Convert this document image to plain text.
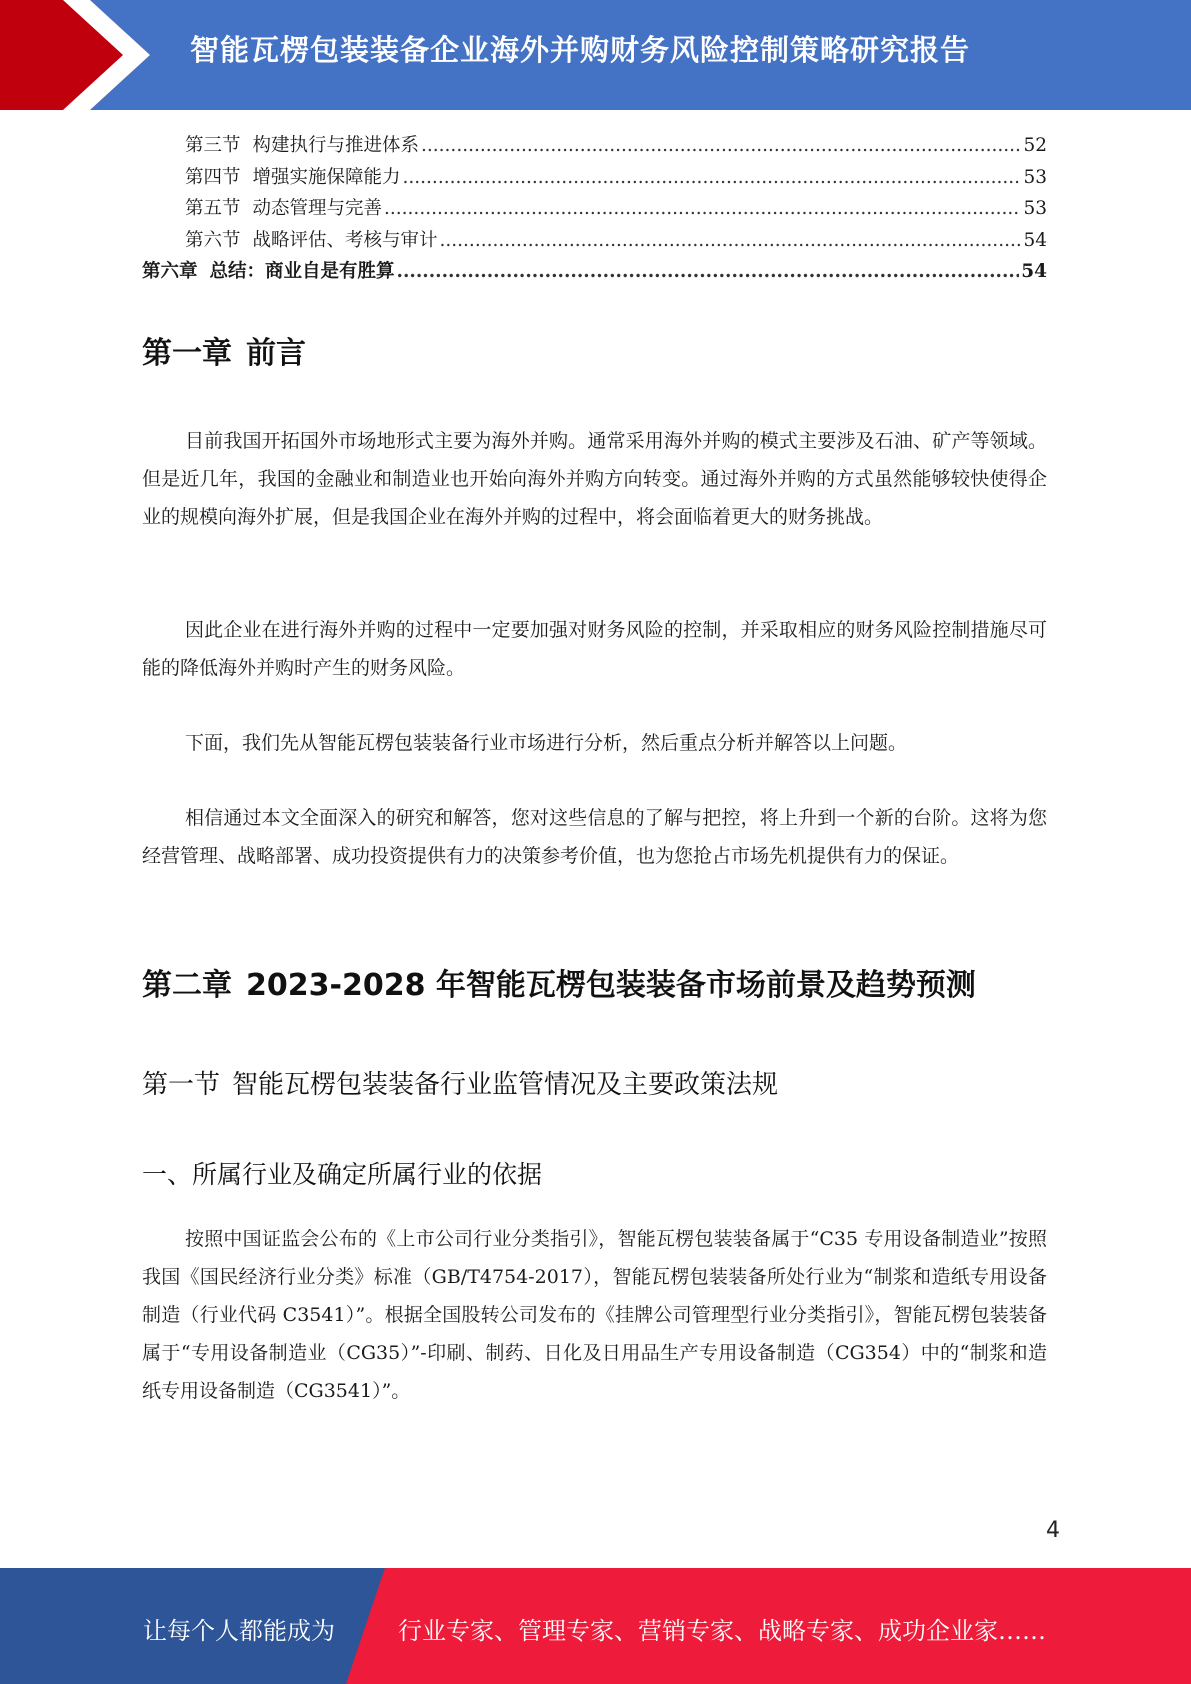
智能瓦楞包装装备企业海外并购财务风险控制策略研究报告
第三节 构建执行与推进体系 .....	52
第四节 增强实施保障能力 .....	53
第五节 动态管理与完善 .....	53
第六节 战略评估、考核与审计 .....	54
第六章 总结：商业自是有胜算 .....	54
第一章 前言

目前我国开拓国外市场地形式主要为海外并购。通常采用海外并购的模式主要涉及石油、矿产等领域。但是近几年，我国的金融业和制造业也开始向海外并购方向转变。通过海外并购的方式虽然能够较快使得企业的规模向海外扩展，但是我国企业在海外并购的过程中，将会面临着更大的财务挑战。

因此企业在进行海外并购的过程中一定要加强对财务风险的控制，并采取相应的财务风险控制措施尽可能的降低海外并购时产生的财务风险。

下面，我们先从智能瓦楞包装装备行业市场进行分析，然后重点分析并解答以上问题。

相信通过本文全面深入的研究和解答，您对这些信息的了解与把控，将上升到一个新的台阶。这将为您经营管理、战略部署、成功投资提供有力的决策参考价值，也为您抢占市场先机提供有力的保证。

第二章 2023-2028 年智能瓦楞包装装备市场前景及趋势预测
第一节 智能瓦楞包装装备行业监管情况及主要政策法规
一、所属行业及确定所属行业的依据

按照中国证监会公布的《上市公司行业分类指引》，智能瓦楞包装装备属于“C35 专用设备制造业”按照我国《国民经济行业分类》标准（GB/T4754-2017），智能瓦楞包装装备所处行业为“制浆和造纸专用设备制造（行业代码 C3541）”。根据全国股转公司发布的《挂牌公司管理型行业分类指引》，智能瓦楞包装装备属于“专用设备制造业（CG35）”-印刷、制药、日化及日用品生产专用设备制造（CG354）中的“制浆和造纸专用设备制造（CG3541）”。

4
让每个人都能成为	行业专家、管理专家、营销专家、战略专家、成功企业家……
